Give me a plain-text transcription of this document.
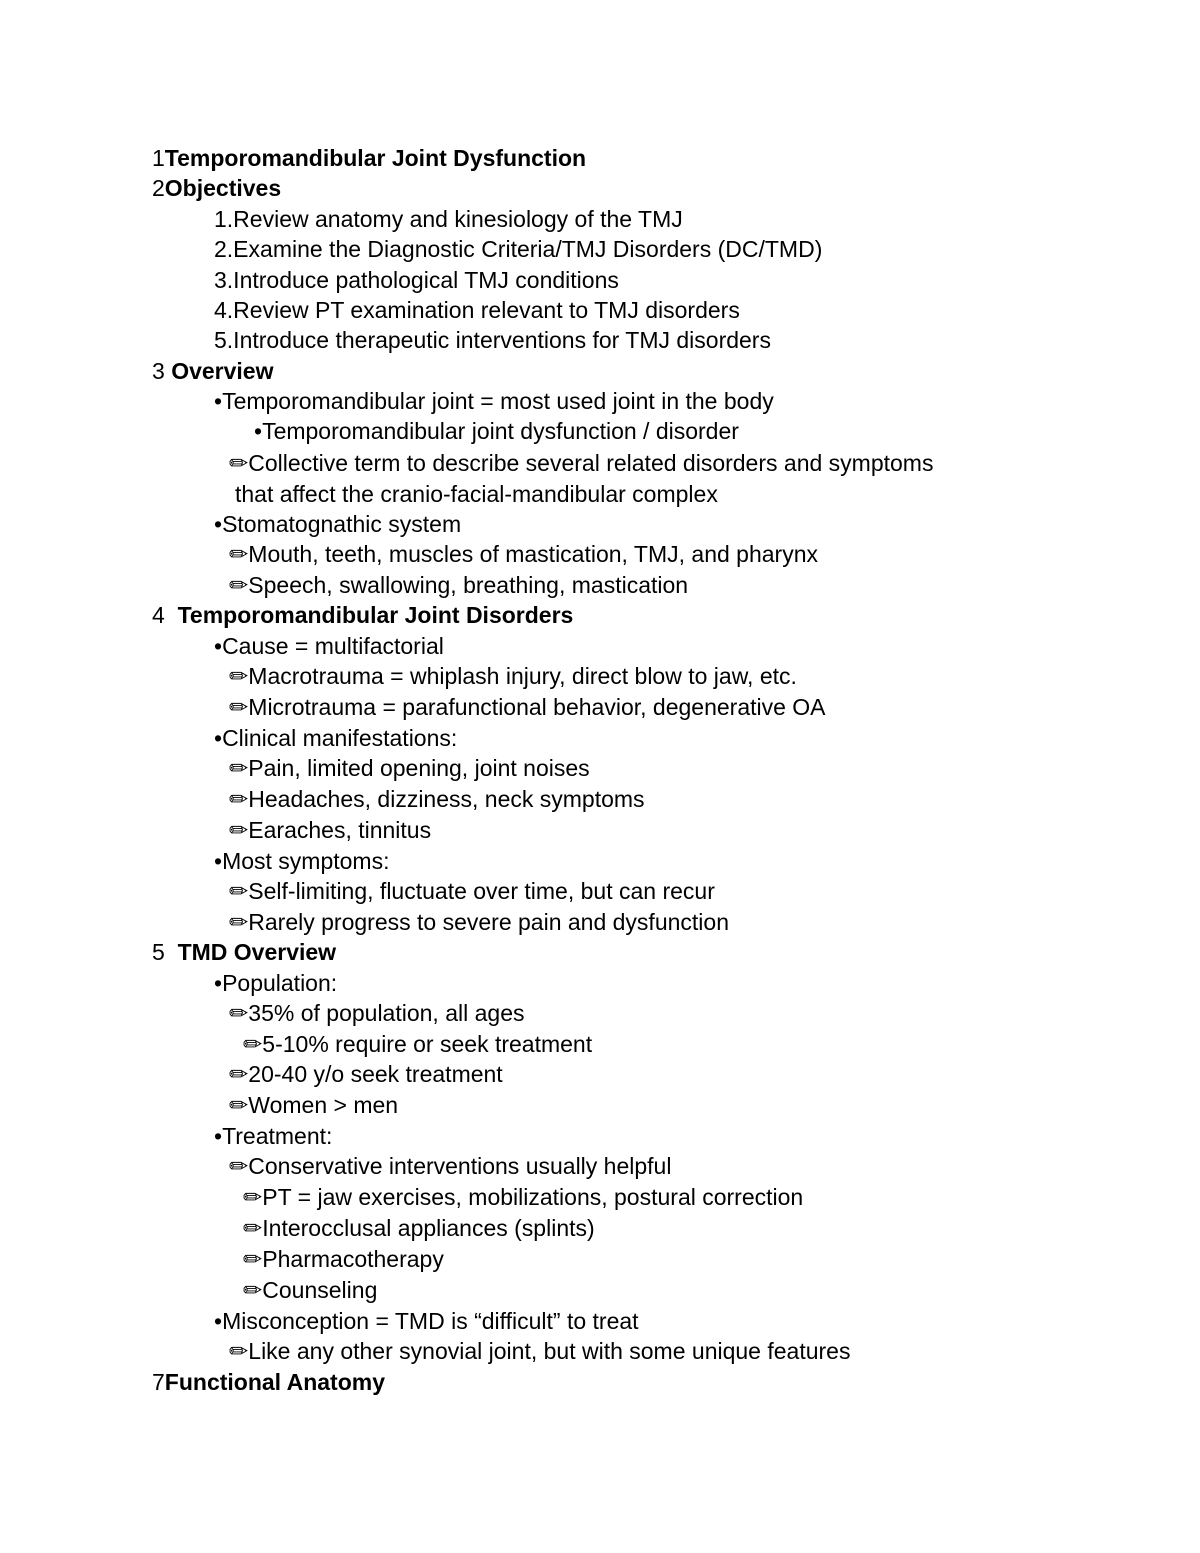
1Temporomandibular Joint Dysfunction
2Objectives
1.Review anatomy and kinesiology of the TMJ
2.Examine the Diagnostic Criteria/TMJ Disorders (DC/TMD)
3.Introduce pathological TMJ conditions
4.Review PT examination relevant to TMJ disorders
5.Introduce therapeutic interventions for TMJ disorders
3 Overview
•Temporomandibular joint = most used joint in the body
•Temporomandibular joint dysfunction / disorder
✏Collective term to describe several related disorders and symptoms
that affect the cranio-facial-mandibular complex
•Stomatognathic system
✏Mouth, teeth, muscles of mastication, TMJ, and pharynx
✏Speech, swallowing, breathing, mastication
4  Temporomandibular Joint Disorders
•Cause = multifactorial
✏Macrotrauma = whiplash injury, direct blow to jaw, etc.
✏Microtrauma = parafunctional behavior, degenerative OA
•Clinical manifestations:
✏Pain, limited opening, joint noises
✏Headaches, dizziness, neck symptoms
✏Earaches, tinnitus
•Most symptoms:
✏Self-limiting, fluctuate over time, but can recur
✏Rarely progress to severe pain and dysfunction
5  TMD Overview
•Population:
✏35% of population, all ages
✏5-10% require or seek treatment
✏20-40 y/o seek treatment
✏Women > men
•Treatment:
✏Conservative interventions usually helpful
✏PT = jaw exercises, mobilizations, postural correction
✏Interocclusal appliances (splints)
✏Pharmacotherapy
✏Counseling
•Misconception = TMD is “difficult” to treat
✏Like any other synovial joint, but with some unique features
7Functional Anatomy
